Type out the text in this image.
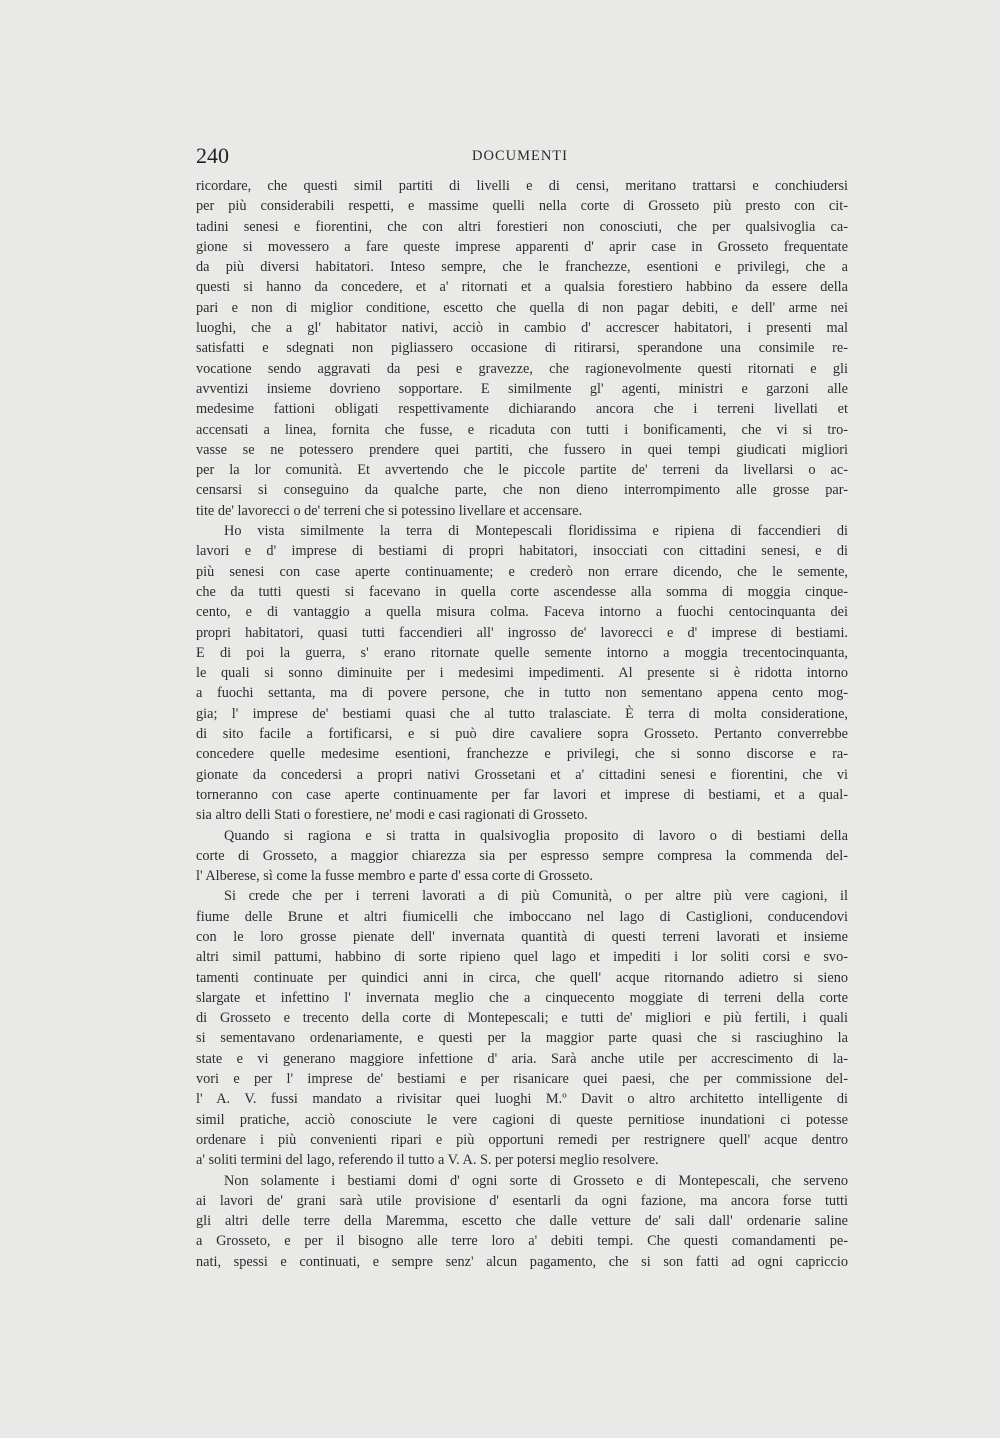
240	DOCUMENTI
ricordare, che questi simil partiti di livelli e di censi, meritano trattarsi e conchiudersi
per più considerabili respetti, e massime quelli nella corte di Grosseto più presto con cit-
tadini senesi e fiorentini, che con altri forestieri non conosciuti, che per qualsivoglia ca-
gione si movessero a fare queste imprese apparenti d' aprir case in Grosseto frequentate
da più diversi habitatori. Inteso sempre, che le franchezze, esentioni e privilegi, che a
questi si hanno da concedere, et a' ritornati et a qualsia forestiero habbino da essere della
pari e non di miglior conditione, escetto che quella di non pagar debiti, e dell' arme nei
luoghi, che a gl' habitator nativi, acciò in cambio d' accrescer habitatori, i presenti mal
satisfatti e sdegnati non pigliassero occasione di ritirarsi, sperandone una consimile re-
vocatione sendo aggravati da pesi e gravezze, che ragionevolmente questi ritornati e gli
avventizi insieme dovrieno sopportare. E similmente gl' agenti, ministri e garzoni alle
medesime fattioni obligati respettivamente dichiarando ancora che i terreni livellati et
accensati a linea, fornita che fusse, e ricaduta con tutti i bonificamenti, che vi si tro-
vasse se ne potessero prendere quei partiti, che fussero in quei tempi giudicati migliori
per la lor comunità. Et avvertendo che le piccole partite de' terreni da livellarsi o ac-
censarsi si conseguino da qualche parte, che non dieno interrompimento alle grosse par-
tite de' lavorecci o de' terreni che si potessino livellare et accensare.
Ho vista similmente la terra di Montepescali floridissima e ripiena di faccendieri di
lavori e d' imprese di bestiami di propri habitatori, insocciati con cittadini senesi, e di
più senesi con case aperte continuamente; e crederò non errare dicendo, che le semente,
che da tutti questi si facevano in quella corte ascendesse alla somma di moggia cinque-
cento, e di vantaggio a quella misura colma. Faceva intorno a fuochi centocinquanta dei
propri habitatori, quasi tutti faccendieri all' ingrosso de' lavorecci e d' imprese di bestiami.
E di poi la guerra, s' erano ritornate quelle semente intorno a moggia trecentocinquanta,
le quali si sonno diminuite per i medesimi impedimenti. Al presente si è ridotta intorno
a fuochi settanta, ma di povere persone, che in tutto non sementano appena cento mog-
gia; l' imprese de' bestiami quasi che al tutto tralasciate. È terra di molta consideratione,
di sito facile a fortificarsi, e si può dire cavaliere sopra Grosseto. Pertanto converrebbe
concedere quelle medesime esentioni, franchezze e privilegi, che si sonno discorse e ra-
gionate da concedersi a propri nativi Grossetani et a' cittadini senesi e fiorentini, che vi
torneranno con case aperte continuamente per far lavori et imprese di bestiami, et a qual-
sia altro delli Stati o forestiere, ne' modi e casi ragionati di Grosseto.
Quando si ragiona e si tratta in qualsivoglia proposito di lavoro o di bestiami della
corte di Grosseto, a maggior chiarezza sia per espresso sempre compresa la commenda del-
l' Alberese, sì come la fusse membro e parte d' essa corte di Grosseto.
Si crede che per i terreni lavorati a di più Comunità, o per altre più vere cagioni, il
fiume delle Brune et altri fiumicelli che imboccano nel lago di Castiglioni, conducendovi
con le loro grosse pienate dell' invernata quantità di questi terreni lavorati et insieme
altri simil pattumi, habbino di sorte ripieno quel lago et impediti i lor soliti corsi e svo-
tamenti continuate per quindici anni in circa, che quell' acque ritornando adietro si sieno
slargate et infettino l' invernata meglio che a cinquecento moggiate di terreni della corte
di Grosseto e trecento della corte di Montepescali; e tutti de' migliori e più fertili, i quali
si sementavano ordenariamente, e questi per la maggior parte quasi che si rasciughino la
state e vi generano maggiore infettione d' aria. Sarà anche utile per accrescimento di la-
vori e per l' imprese de' bestiami e per risanicare quei paesi, che per commissione del-
l' A. V. fussi mandato a rivisitar quei luoghi M.º Davit o altro architetto intelligente di
simil pratiche, acciò conosciute le vere cagioni di queste pernitiose inundationi ci potesse
ordenare i più convenienti ripari e più opportuni remedi per restrignere quell' acque dentro
a' soliti termini del lago, referendo il tutto a V. A. S. per potersi meglio resolvere.
Non solamente i bestiami domi d' ogni sorte di Grosseto e di Montepescali, che serveno
ai lavori de' grani sarà utile provisione d' esentarli da ogni fazione, ma ancora forse tutti
gli altri delle terre della Maremma, escetto che dalle vetture de' sali dall' ordenarie saline
a Grosseto, e per il bisogno alle terre loro a' debiti tempi. Che questi comandamenti pe-
nati, spessi e continuati, e sempre senz' alcun pagamento, che si son fatti ad ogni capriccio
